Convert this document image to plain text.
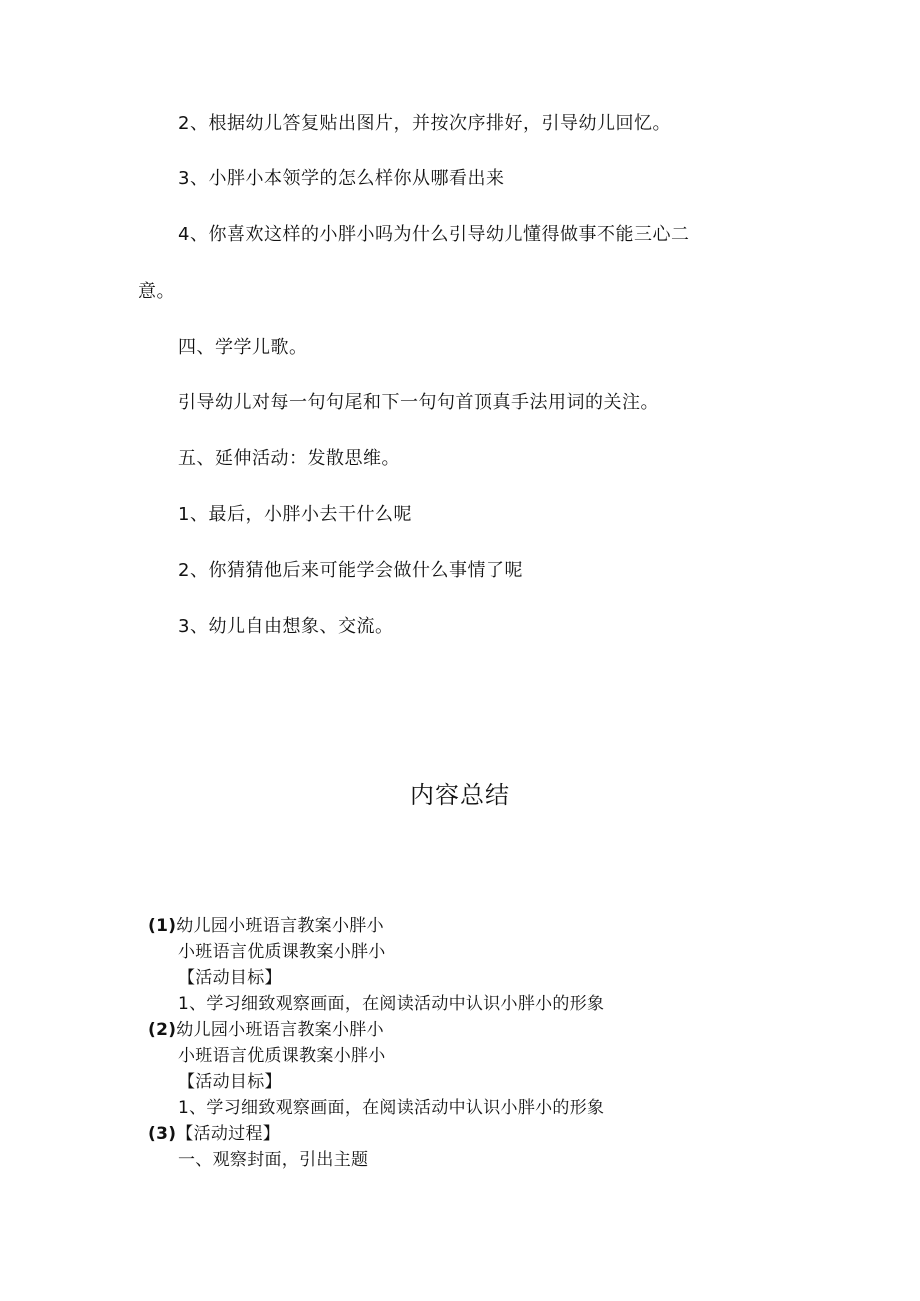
2、根据幼儿答复贴出图片，并按次序排好，引导幼儿回忆。
3、小胖小本领学的怎么样你从哪看出来
4、你喜欢这样的小胖小吗为什么引导幼儿懂得做事不能三心二
意。
四、学学儿歌。
引导幼儿对每一句句尾和下一句句首顶真手法用词的关注。
五、延伸活动：发散思维。
1、最后，小胖小去干什么呢
2、你猜猜他后来可能学会做什么事情了呢
3、幼儿自由想象、交流。
内容总结
(1)幼儿园小班语言教案小胖小
小班语言优质课教案小胖小
【活动目标】
1、学习细致观察画面，在阅读活动中认识小胖小的形象
(2)幼儿园小班语言教案小胖小
小班语言优质课教案小胖小
【活动目标】
1、学习细致观察画面，在阅读活动中认识小胖小的形象
(3)【活动过程】
一、观察封面，引出主题
